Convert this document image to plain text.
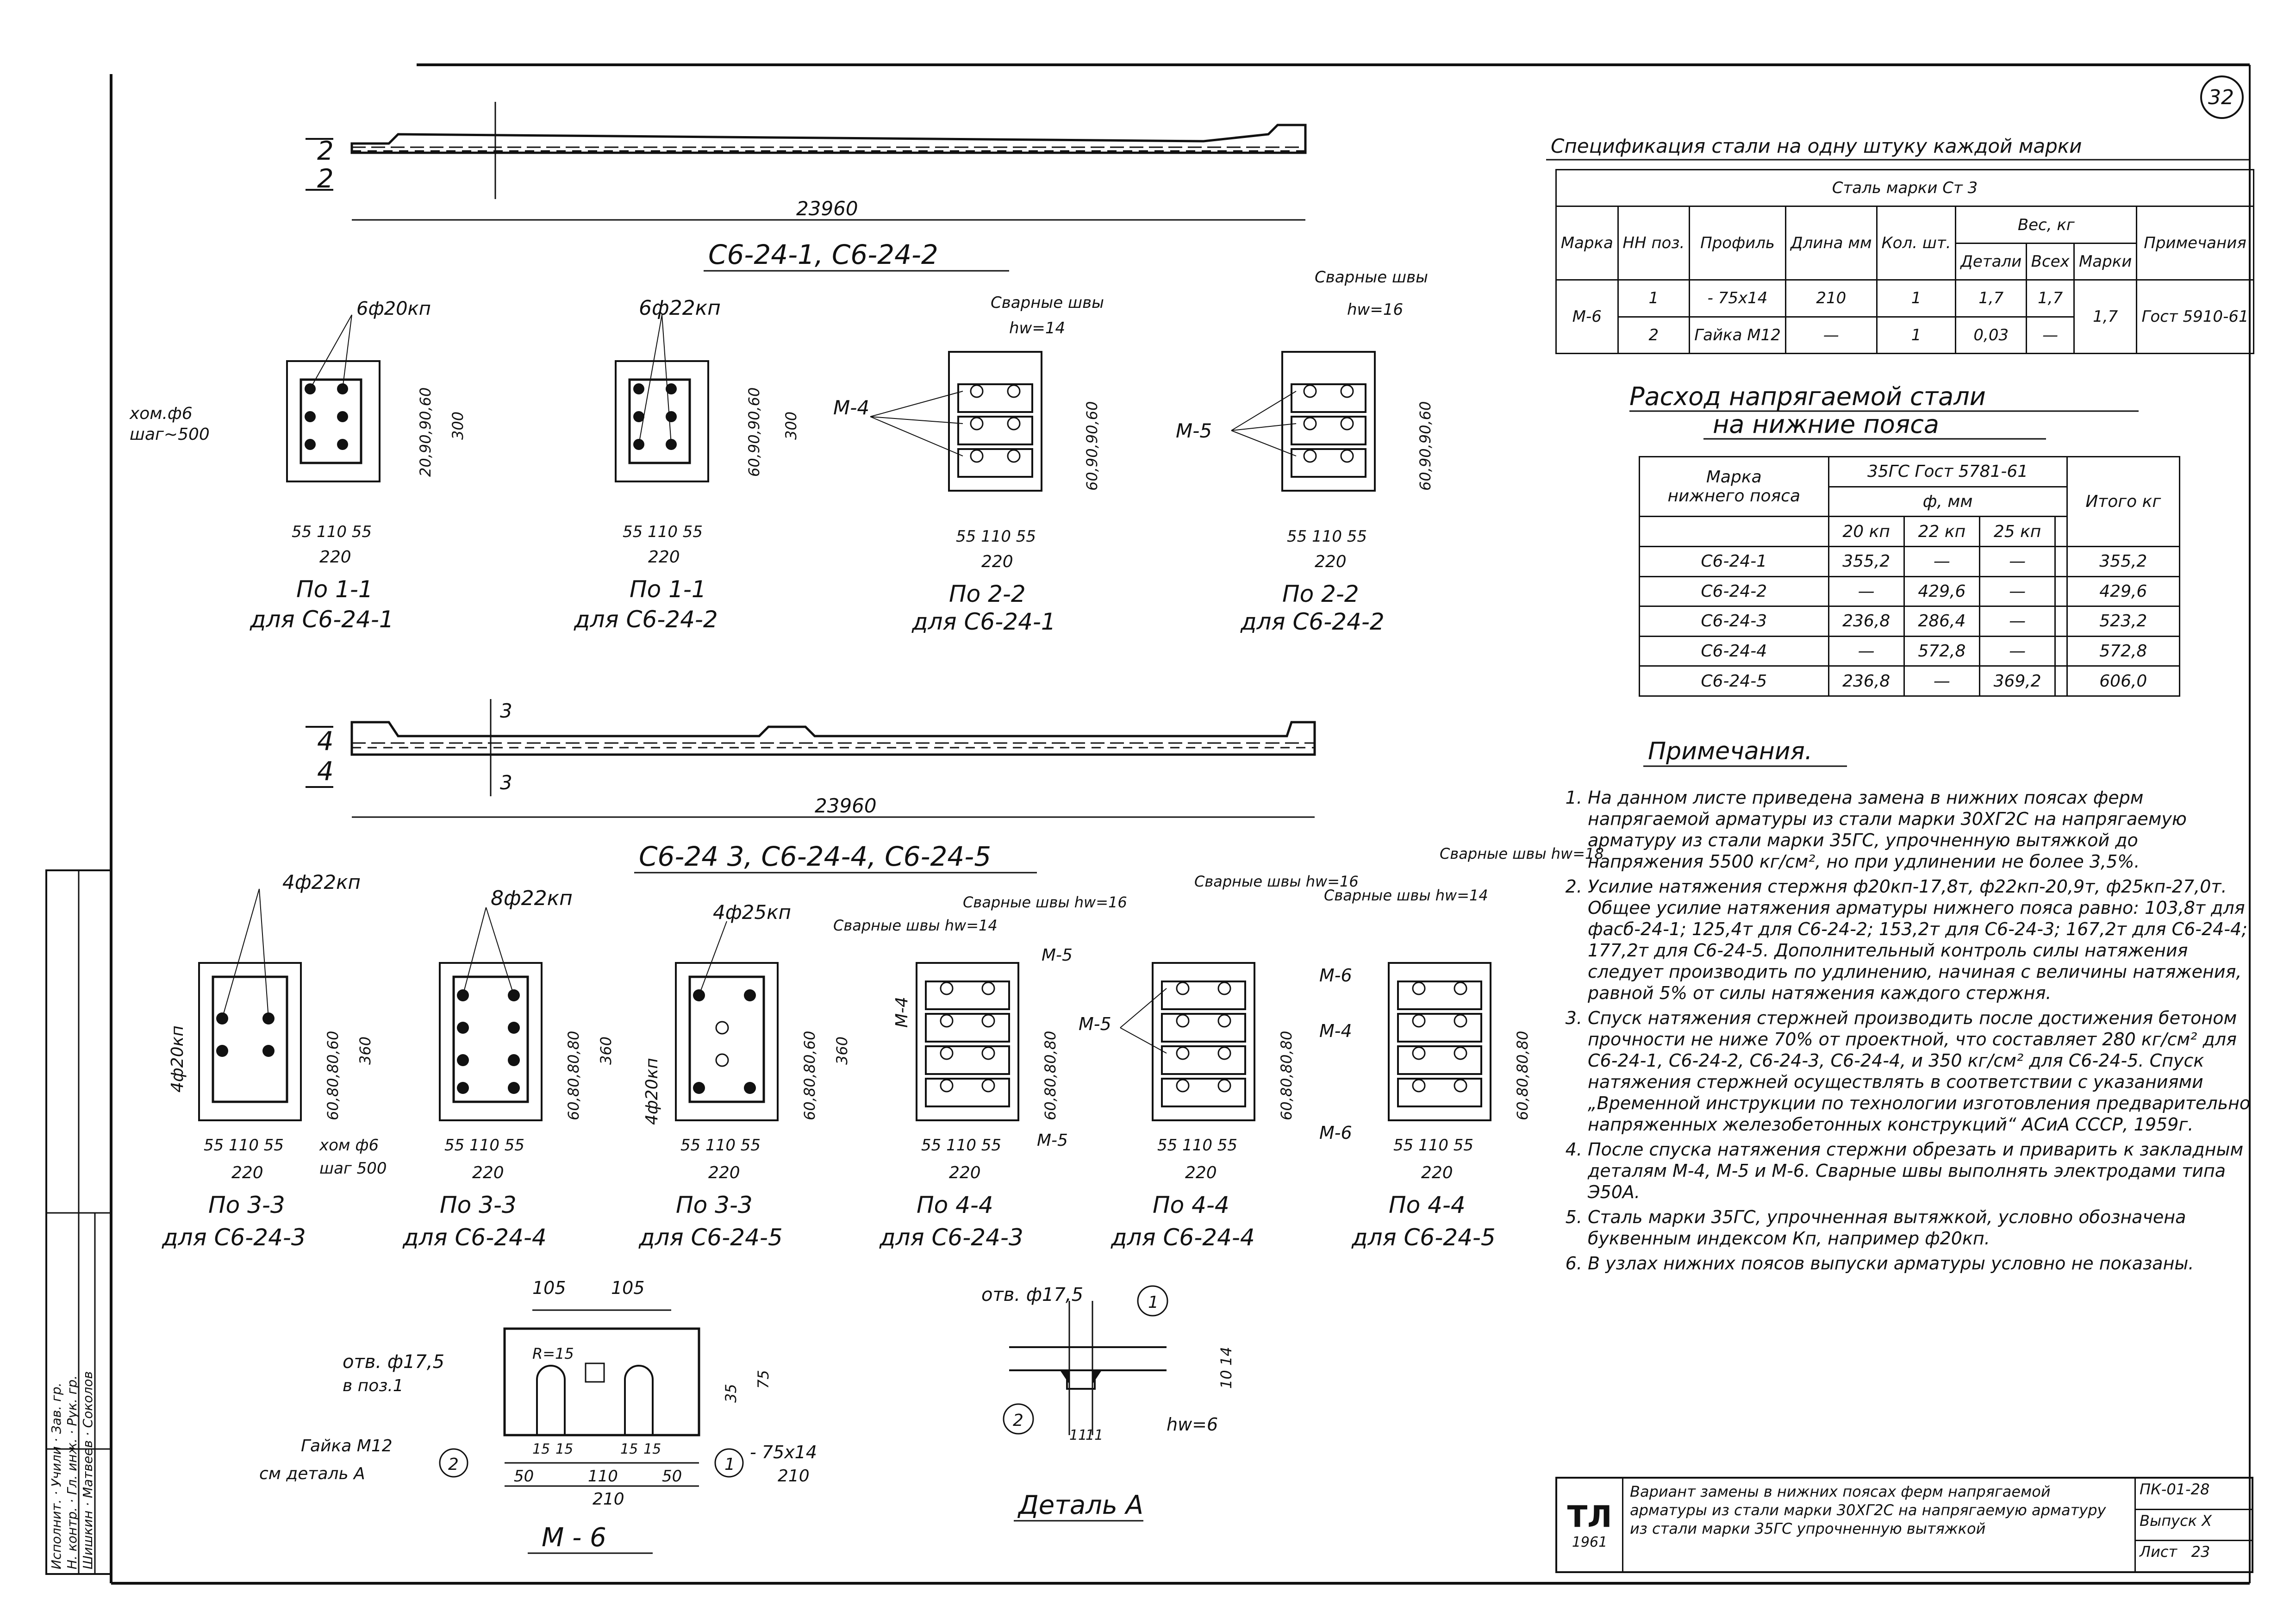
32
2
2
23960
С6-24-1, С6-24-2
6ф20кп
хом.ф6
шаг~500	20,90,90,60 300
55 110 55
220
По 1-1
для С6-24-1
6ф22кп
60,90,90,60 300
55 110 55
220
По 1-1
для С6-24-2
Сварные швы
hw=14
М-4	60,90,90,60
55 110 55
220
По 2-2
для С6-24-1
Сварные швы
hw=16
М-5	60,90,90,60
55 110 55
220
По 2-2
для С6-24-2
4
4
3
3
23960
С6-24 3, С6-24-4, С6-24-5
4ф22кп
4ф20кп	60,80,80,60 360
55 110 55
220
хом ф6
шаг 500
По 3-3
для С6-24-3
8ф22кп
60,80,80,80 360
55 110 55
220
По 3-3
для С6-24-4
4ф25кп
Сварные швы hw=14
4ф20кп	60,80,80,60 360
55 110 55
220
По 3-3
для С6-24-5
Сварные швы hw=16
М-5
М-4
М-5
60,80,80,80
55 110 55
220
По 4-4
для С6-24-3
Сварные швы hw=16
М-5
60,80,80,80
55 110 55
220
По 4-4
для С6-24-4
Сварные швы hw=14
Сварные швы hw=18
М-6
М-4
М-6
60,80,80,80
55 110 55
220
По 4-4
для С6-24-5
105	105
R=15
отв. ф17,5
в поз.1	35
75
15 15	15 15
50	110	50
210
Гайка М12
см деталь А	2	1
- 75х14
210
М - 6
отв. ф17,5	1
2
10
14
11
11
hw=6
Деталь А
Спецификация стали на одну штуку каждой марки
Расход напрягаемой стали
на нижние пояса
Примечания.
Сталь марки Ст 3								
Марка	НН поз.	Профиль	Длина мм	Кол. шт.	Вес, кг			Примечания
					Детали	Всех	Марки	
М-6	1	- 75х14	210	1	1,7	1,7	1,7	Гост 5910-61
	2	Гайка М12	—	1	0,03	—		
Марка
нижнего пояса	35ГС Гост 5781-61				Итого кг
	ф, мм				
	20 кп	22 кп	25 кп		
С6-24-1	355,2	—	—		355,2
С6-24-2	—	429,6	—		429,6
С6-24-3	236,8	286,4	—		523,2
С6-24-4	—	572,8	—		572,8
С6-24-5	236,8	—	369,2		606,0
1. На данном листе приведена замена в нижних поясах ферм напрягаемой арматуры из стали марки 30ХГ2С на напрягаемую арматуру из стали марки 35ГС, упрочненную вытяжкой до напряжения 5500 кг/см², но при удлинении не более 3,5%.
2. Усилие натяжения стержня ф20кп-17,8т, ф22кп-20,9т, ф25кп-27,0т. Общее усилие натяжения арматуры нижнего пояса равно: 103,8т для фасб-24-1; 125,4т для С6-24-2; 153,2т для С6-24-3; 167,2т для С6-24-4; 177,2т для С6-24-5. Дополнительный контроль силы натяжения следует производить по удлинению, начиная с величины натяжения, равной 5% от силы натяжения каждого стержня.
3. Спуск натяжения стержней производить после достижения бетоном прочности не ниже 70% от проектной, что составляет 280 кг/см² для С6-24-1, С6-24-2, С6-24-3, С6-24-4, и 350 кг/см² для С6-24-5. Спуск натяжения стержней осуществлять в соответствии с указаниями „Временной инструкции по технологии изготовления предварительно напряженных железобетонных конструкций“ АСиА СССР, 1959г.
4. После спуска натяжения стержни обрезать и приварить к закладным деталям М-4, М-5 и М-6. Сварные швы выполнять электродами типа Э50А.
5. Сталь марки 35ГС, упрочненная вытяжкой, условно обозначена буквенным индексом Кп, например ф20кп.
6. В узлах нижних поясов выпуски арматуры условно не показаны.
ТЛ
1961
Вариант замены в нижних поясах ферм напрягаемой арматуры из стали марки 30ХГ2С на напрягаемую арматуру из стали марки 35ГС упрочненную вытяжкой
ПК-01-28
Выпуск X
Лист 23
Исполнит. · Учили · Зав. гр.
Н. контр. · Гл. инж. · Рук. гр.
Шишкин · Матвеев · Соколов
